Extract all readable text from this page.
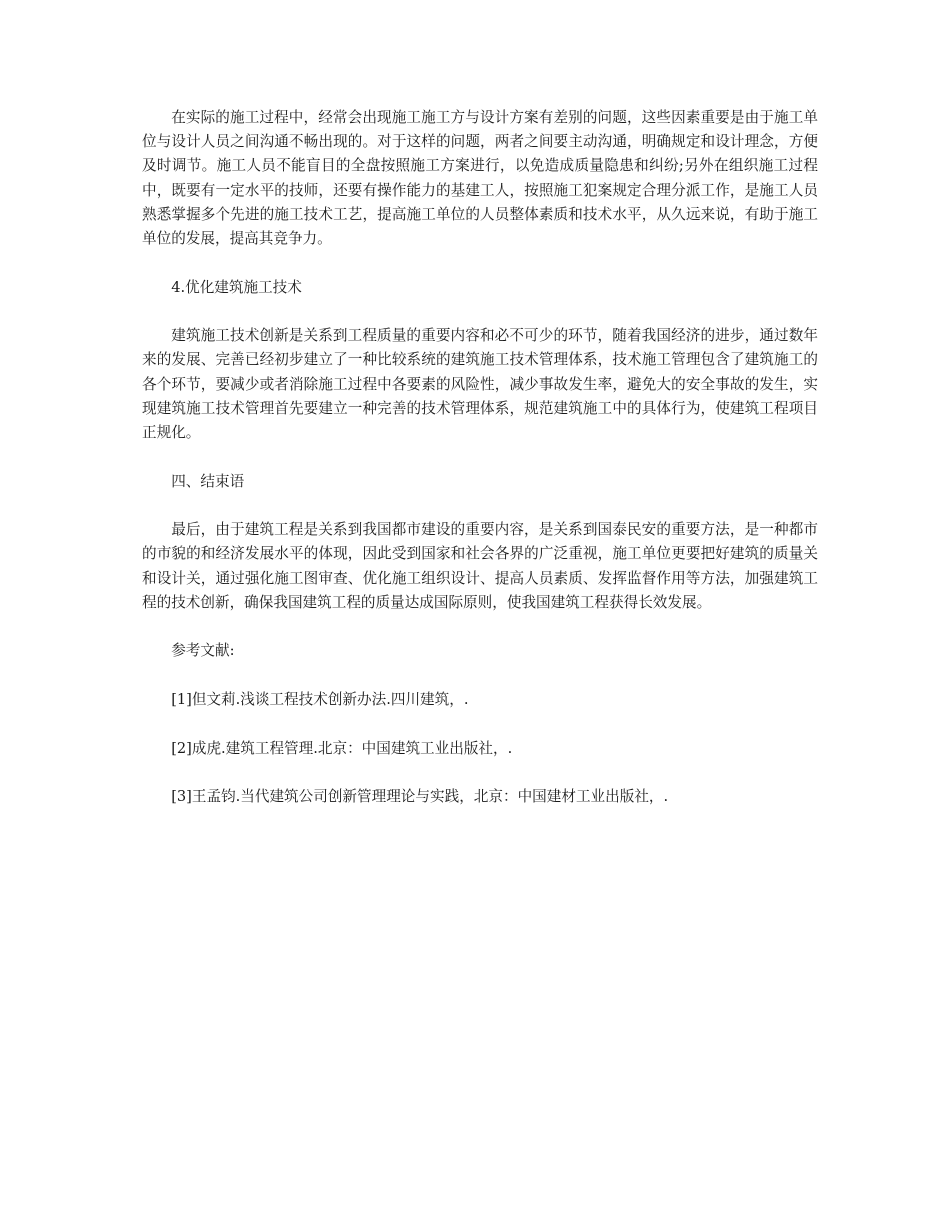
在实际的施工过程中，经常会出现施工施工方与设计方案有差别的问题，这些因素重要是由于施工单位与设计人员之间沟通不畅出现的。对于这样的问题，两者之间要主动沟通，明确规定和设计理念，方便及时调节。施工人员不能盲目的全盘按照施工方案进行，以免造成质量隐患和纠纷;另外在组织施工过程中，既要有一定水平的技师，还要有操作能力的基建工人，按照施工犯案规定合理分派工作，是施工人员熟悉掌握多个先进的施工技术工艺，提高施工单位的人员整体素质和技术水平，从久远来说，有助于施工单位的发展，提高其竞争力。

4.优化建筑施工技术

建筑施工技术创新是关系到工程质量的重要内容和必不可少的环节，随着我国经济的进步，通过数年来的发展、完善已经初步建立了一种比较系统的建筑施工技术管理体系，技术施工管理包含了建筑施工的各个环节，要减少或者消除施工过程中各要素的风险性，减少事故发生率，避免大的安全事故的发生，实现建筑施工技术管理首先要建立一种完善的技术管理体系，规范建筑施工中的具体行为，使建筑工程项目正规化。

四、结束语

最后，由于建筑工程是关系到我国都市建设的重要内容，是关系到国泰民安的重要方法，是一种都市的市貌的和经济发展水平的体现，因此受到国家和社会各界的广泛重视，施工单位更要把好建筑的质量关和设计关，通过强化施工图审查、优化施工组织设计、提高人员素质、发挥监督作用等方法，加强建筑工程的技术创新，确保我国建筑工程的质量达成国际原则，使我国建筑工程获得长效发展。

参考文献:

[1]但文莉.浅谈工程技术创新办法.四川建筑，.

[2]成虎.建筑工程管理.北京：中国建筑工业出版社，.

[3]王孟钧.当代建筑公司创新管理理论与实践，北京：中国建材工业出版社，.
